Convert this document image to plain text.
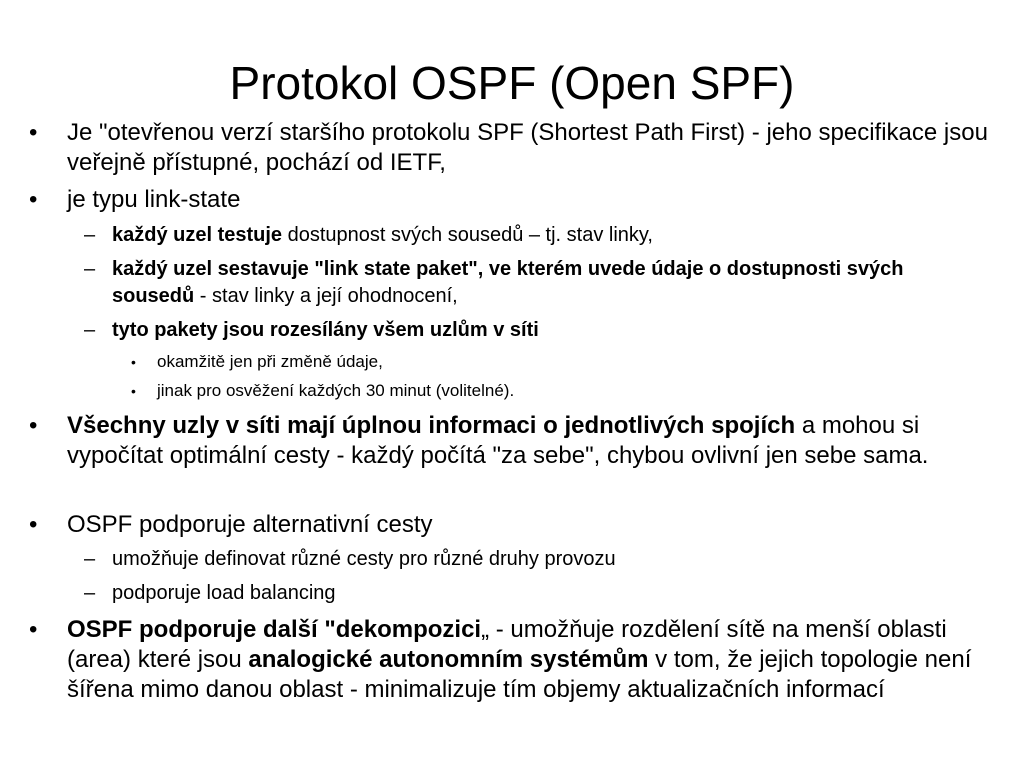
Protokol OSPF (Open SPF)
• Je "otevřenou verzí staršího protokolu SPF (Shortest Path First) - jeho specifikace jsou veřejně přístupné, pochází od IETF,
• je typu link-state
– každý uzel testuje dostupnost svých sousedů – tj. stav linky,
– každý uzel sestavuje "link state paket", ve kterém uvede údaje o dostupnosti svých sousedů - stav linky a její ohodnocení,
– tyto pakety jsou rozesílány všem uzlům v síti
• okamžitě jen při změně údaje,
• jinak pro osvěžení každých 30 minut (volitelné).
• Všechny uzly v síti mají úplnou informaci o jednotlivých spojích a mohou si vypočítat optimální cesty - každý počítá "za sebe", chybou ovlivní jen sebe sama.
• OSPF podporuje alternativní cesty
– umožňuje definovat různé cesty pro různé druhy provozu
– podporuje load balancing
• OSPF podporuje další "dekompozici„ - umožňuje rozdělení sítě na menší oblasti (area) které jsou analogické autonomním systémům v tom, že jejich topologie není šířena mimo danou oblast - minimalizuje tím objemy aktualizačních informací
